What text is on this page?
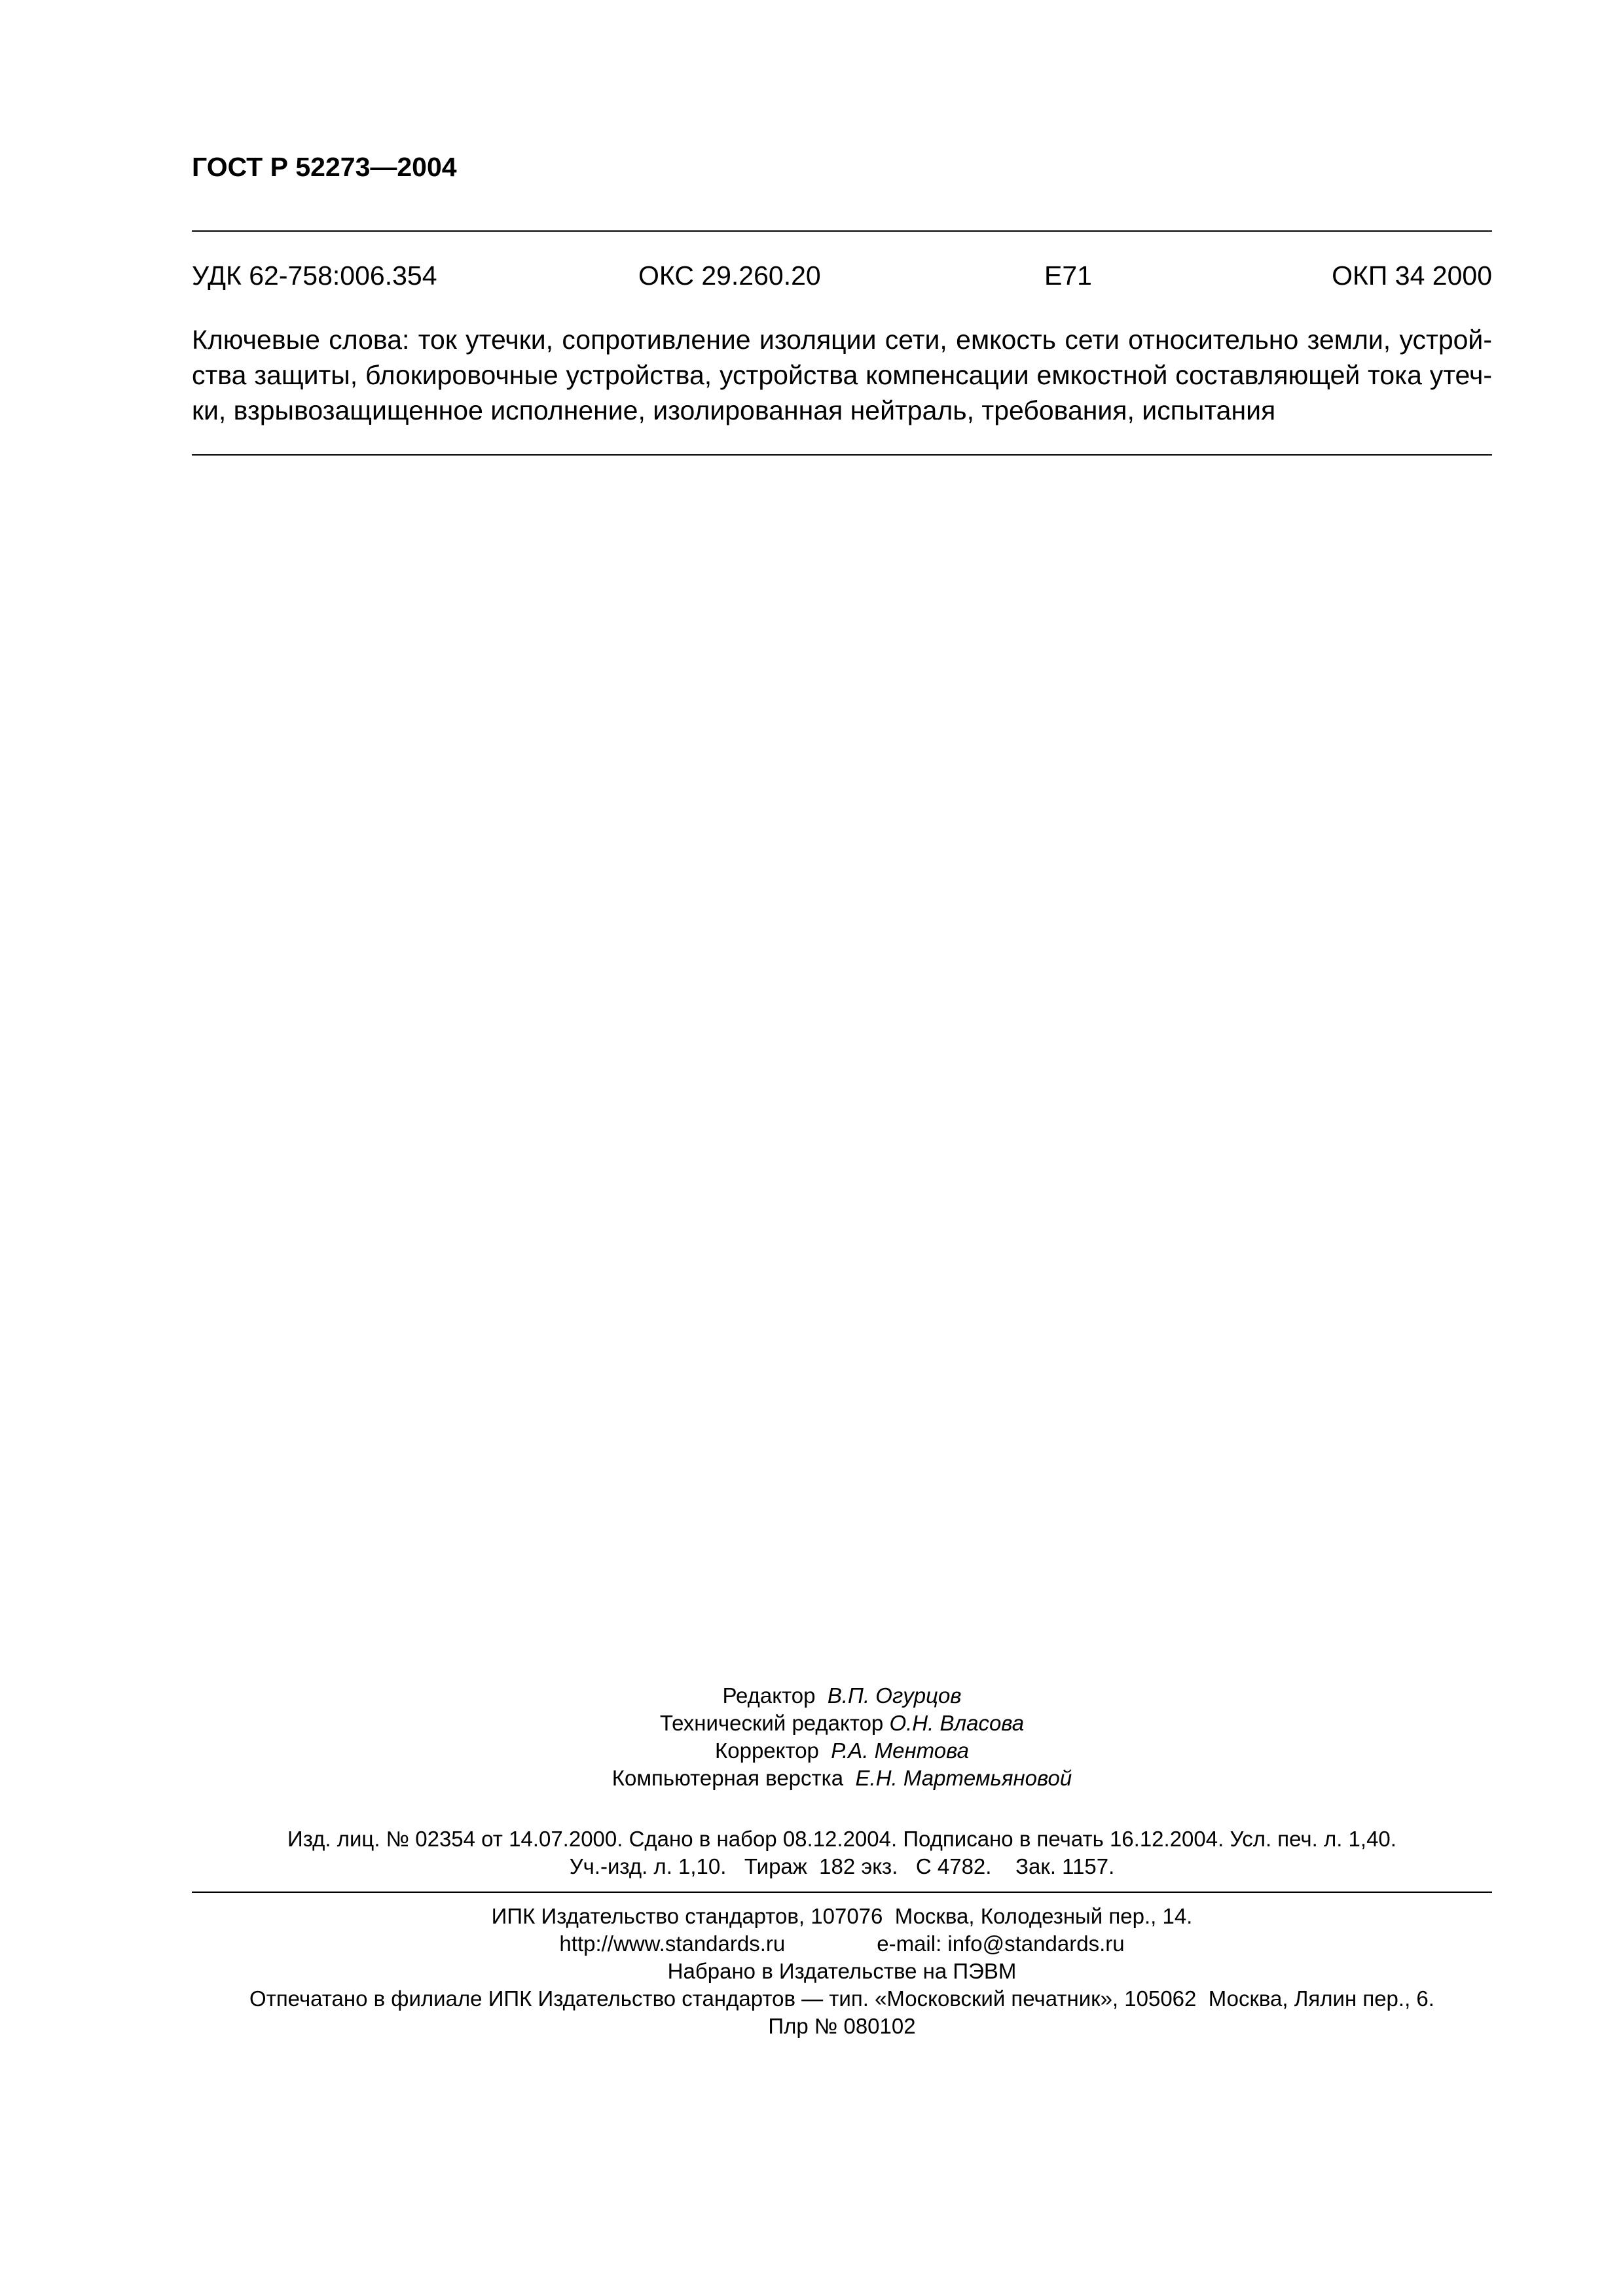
ГОСТ Р 52273—2004
УДК 62-758:006.354	ОКС 29.260.20	Е71	ОКП 34 2000
Ключевые слова: ток утечки, сопротивление изоляции сети, емкость сети относительно земли, устрой-
ства защиты, блокировочные устройства, устройства компенсации емкостной составляющей тока утеч-
ки, взрывозащищенное исполнение, изолированная нейтраль, требования, испытания
Редактор В.П. Огурцов
Технический редактор О.Н. Власова
Корректор Р.А. Ментова
Компьютерная верстка Е.Н. Мартемьяновой
Изд. лиц. № 02354 от 14.07.2000. Сдано в набор 08.12.2004. Подписано в печать 16.12.2004. Усл. печ. л. 1,40.
Уч.-изд. л. 1,10.   Тираж  182 экз.   С 4782.    Зак. 1157.
ИПК Издательство стандартов, 107076  Москва, Колодезный пер., 14.
http://www.standards.ru	e-mail: info@standards.ru
Набрано в Издательстве на ПЭВМ
Отпечатано в филиале ИПК Издательство стандартов — тип. «Московский печатник», 105062  Москва, Лялин пер., 6.
Плр № 080102
